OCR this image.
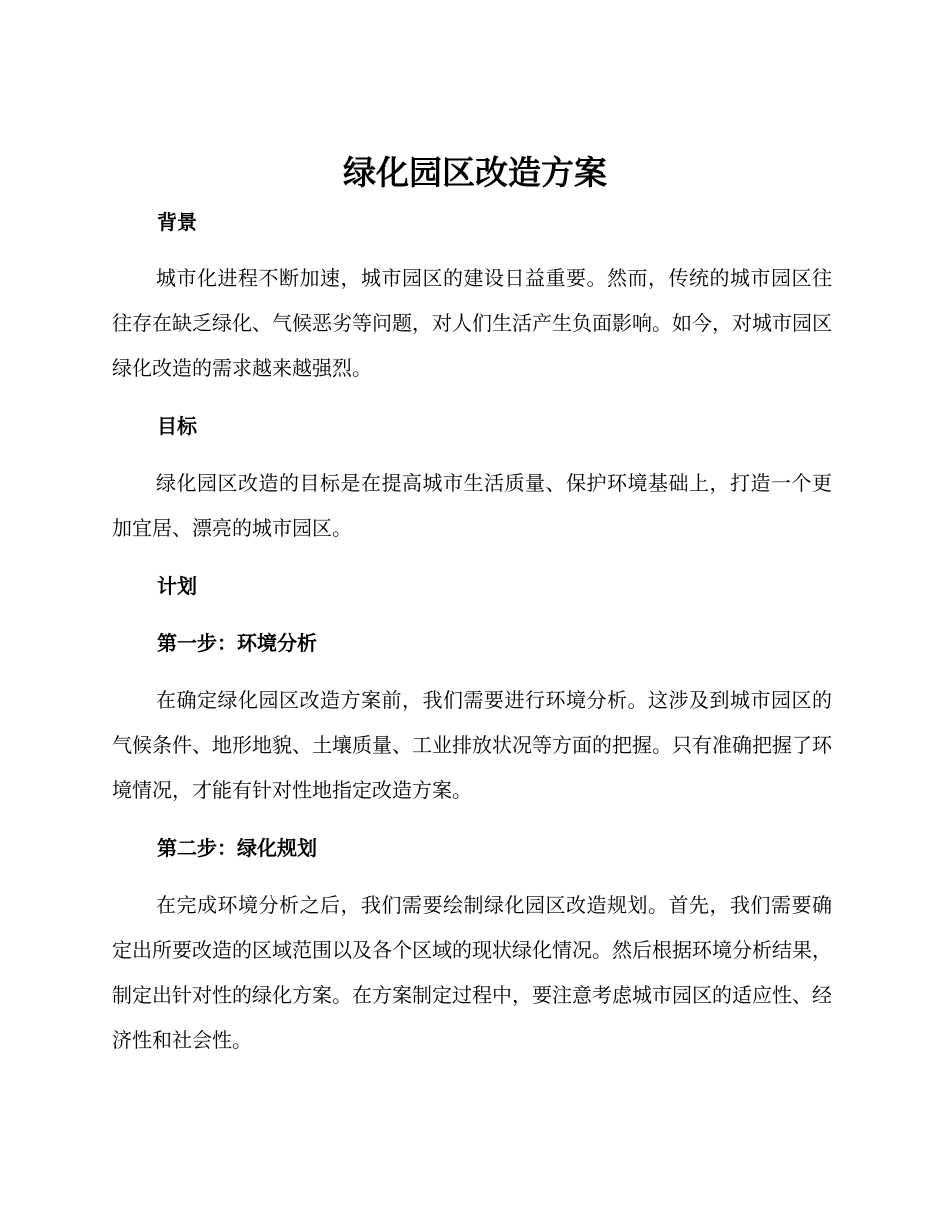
绿化园区改造方案
背景

城市化进程不断加速，城市园区的建设日益重要。然而，传统的城市园区往往存在缺乏绿化、气候恶劣等问题，对人们生活产生负面影响。如今，对城市园区绿化改造的需求越来越强烈。

目标

绿化园区改造的目标是在提高城市生活质量、保护环境基础上，打造一个更加宜居、漂亮的城市园区。

计划
第一步：环境分析

在确定绿化园区改造方案前，我们需要进行环境分析。这涉及到城市园区的气候条件、地形地貌、土壤质量、工业排放状况等方面的把握。只有准确把握了环境情况，才能有针对性地指定改造方案。

第二步：绿化规划

在完成环境分析之后，我们需要绘制绿化园区改造规划。首先，我们需要确定出所要改造的区域范围以及各个区域的现状绿化情况。然后根据环境分析结果，制定出针对性的绿化方案。在方案制定过程中，要注意考虑城市园区的适应性、经济性和社会性。
